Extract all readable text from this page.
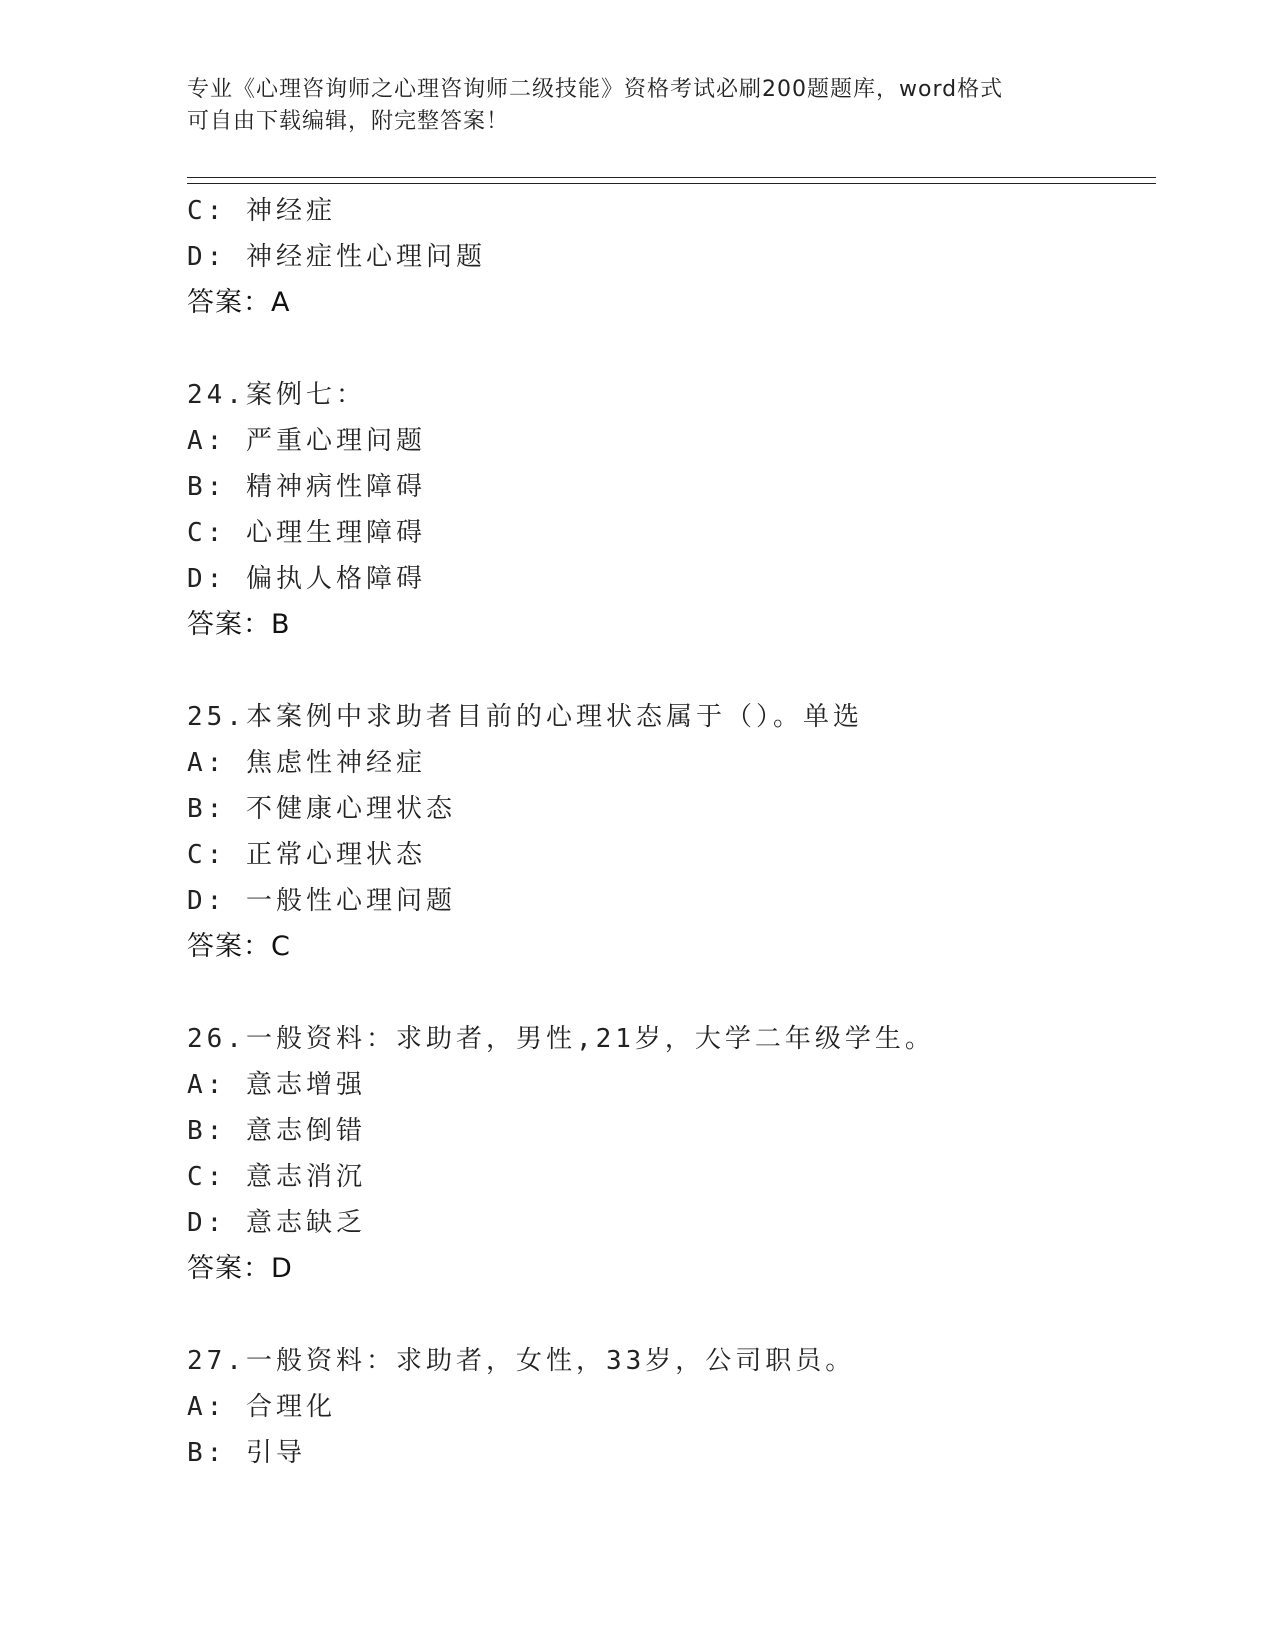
专业《心理咨询师之心理咨询师二级技能》资格考试必刷200题题库，word格式
可自由下载编辑，附完整答案！
C: 神经症
D: 神经症性心理问题
答案：A
24.案例七：
A: 严重心理问题
B: 精神病性障碍
C: 心理生理障碍
D: 偏执人格障碍
答案：B
25.本案例中求助者目前的心理状态属于（）。单选
A: 焦虑性神经症
B: 不健康心理状态
C: 正常心理状态
D: 一般性心理问题
答案：C
26.一般资料：求助者，男性,21岁，大学二年级学生。
A: 意志增强
B: 意志倒错
C: 意志消沉
D: 意志缺乏
答案：D
27.一般资料：求助者，女性，33岁，公司职员。
A: 合理化
B: 引导
